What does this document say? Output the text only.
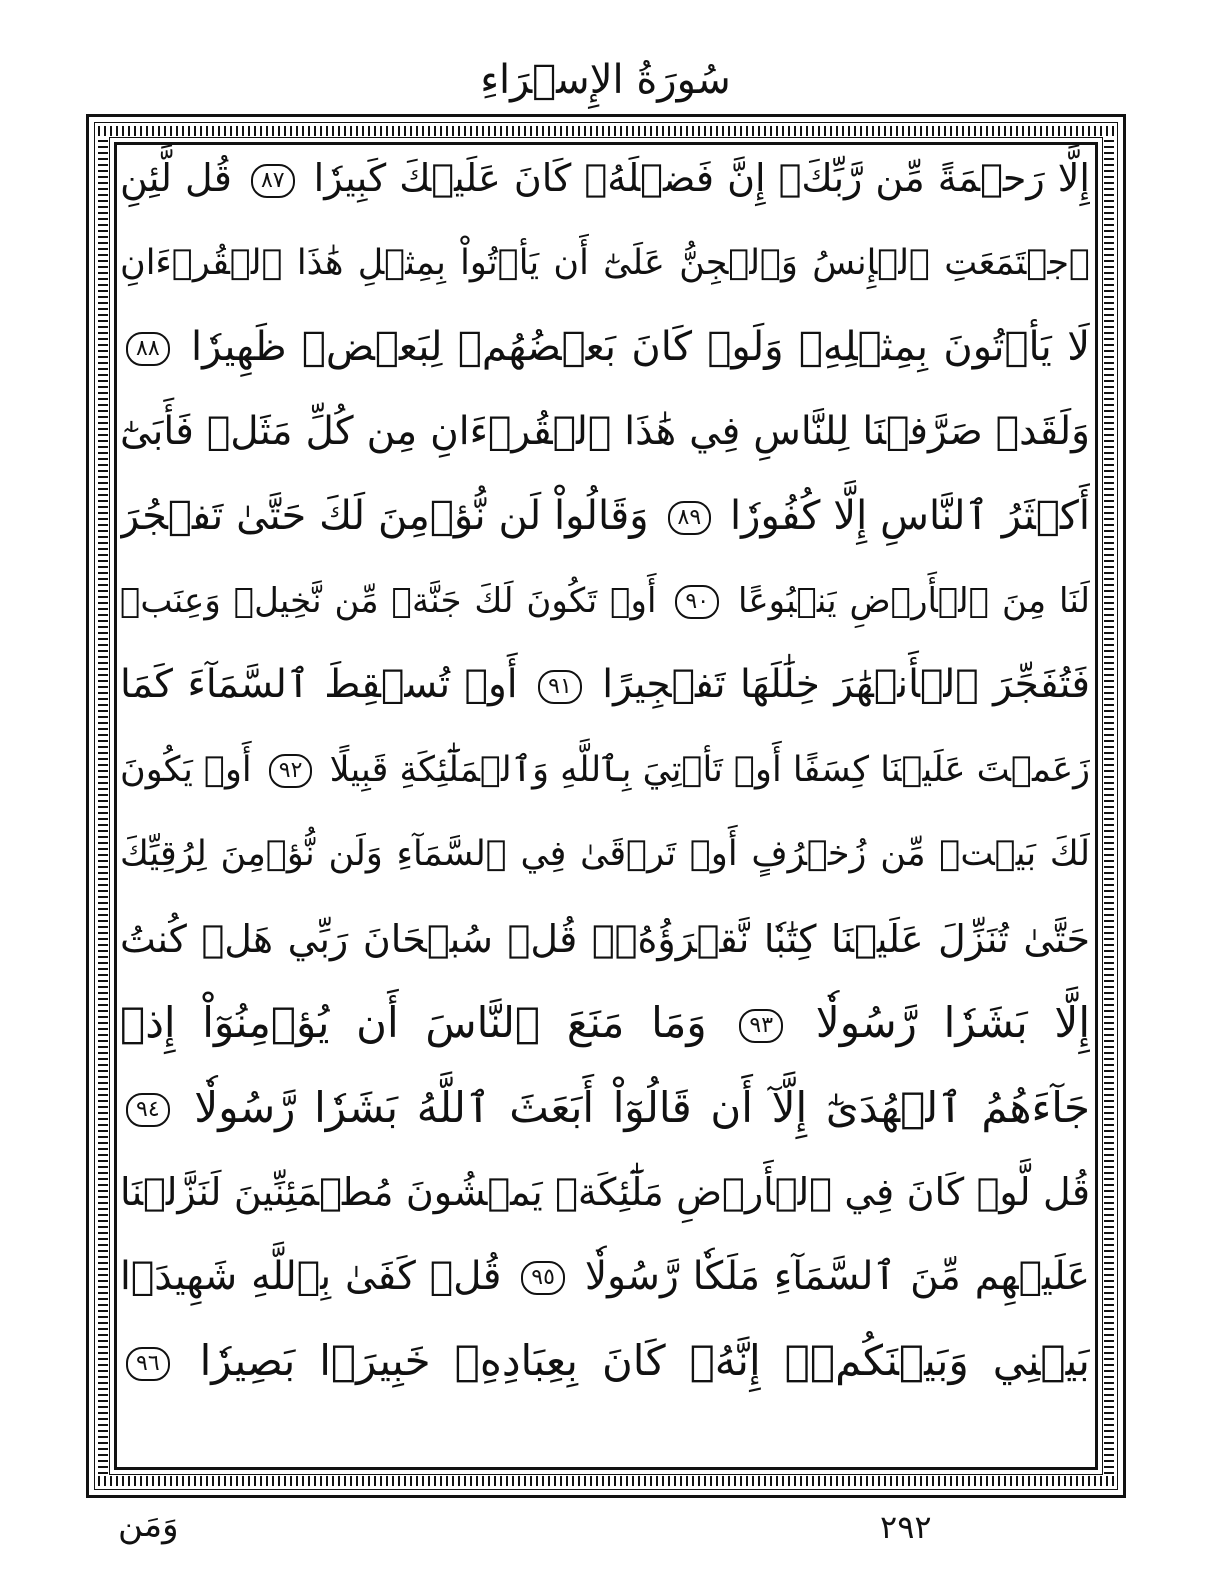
سُورَةُ الإِسۡرَاءِ
إِلَّا رَحۡمَةً مِّن رَّبِّكَۚ إِنَّ فَضۡلَهُۥ كَانَ عَلَيۡكَ كَبِيرٗا ٨٧ قُل لَّئِنِ
ٱجۡتَمَعَتِ ٱلۡإِنسُ وَٱلۡجِنُّ عَلَىٰٓ أَن يَأۡتُواْ بِمِثۡلِ هَٰذَا ٱلۡقُرۡءَانِ
لَا يَأۡتُونَ بِمِثۡلِهِۦ وَلَوۡ كَانَ بَعۡضُهُمۡ لِبَعۡضٖ ظَهِيرٗا ٨٨
وَلَقَدۡ صَرَّفۡنَا لِلنَّاسِ فِي هَٰذَا ٱلۡقُرۡءَانِ مِن كُلِّ مَثَلٖ فَأَبَىٰٓ
أَكۡثَرُ ٱلنَّاسِ إِلَّا كُفُورٗا ٨٩ وَقَالُواْ لَن نُّؤۡمِنَ لَكَ حَتَّىٰ تَفۡجُرَ
لَنَا مِنَ ٱلۡأَرۡضِ يَنۢبُوعًا ٩٠ أَوۡ تَكُونَ لَكَ جَنَّةٞ مِّن نَّخِيلٖ وَعِنَبٖ
فَتُفَجِّرَ ٱلۡأَنۡهَٰرَ خِلَٰلَهَا تَفۡجِيرًا ٩١ أَوۡ تُسۡقِطَ ٱلسَّمَآءَ كَمَا
زَعَمۡتَ عَلَيۡنَا كِسَفًا أَوۡ تَأۡتِيَ بِٱللَّهِ وَٱلۡمَلَٰٓئِكَةِ قَبِيلًا ٩٢ أَوۡ يَكُونَ
لَكَ بَيۡتٞ مِّن زُخۡرُفٍ أَوۡ تَرۡقَىٰ فِي ٱلسَّمَآءِ وَلَن نُّؤۡمِنَ لِرُقِيِّكَ
حَتَّىٰ تُنَزِّلَ عَلَيۡنَا كِتَٰبٗا نَّقۡرَؤُهُۥۗ قُلۡ سُبۡحَانَ رَبِّي هَلۡ كُنتُ
إِلَّا بَشَرٗا رَّسُولٗا ٩٣ وَمَا مَنَعَ ٱلنَّاسَ أَن يُؤۡمِنُوٓاْ إِذۡ
جَآءَهُمُ ٱلۡهُدَىٰٓ إِلَّآ أَن قَالُوٓاْ أَبَعَثَ ٱللَّهُ بَشَرٗا رَّسُولٗا ٩٤
قُل لَّوۡ كَانَ فِي ٱلۡأَرۡضِ مَلَٰٓئِكَةٞ يَمۡشُونَ مُطۡمَئِنِّينَ لَنَزَّلۡنَا
عَلَيۡهِم مِّنَ ٱلسَّمَآءِ مَلَكٗا رَّسُولٗا ٩٥ قُلۡ كَفَىٰ بِٱللَّهِ شَهِيدَۢا
بَيۡنِي وَبَيۡنَكُمۡۚ إِنَّهُۥ كَانَ بِعِبَادِهِۦ خَبِيرَۢا بَصِيرٗا ٩٦
وَمَن	٢٩٢
